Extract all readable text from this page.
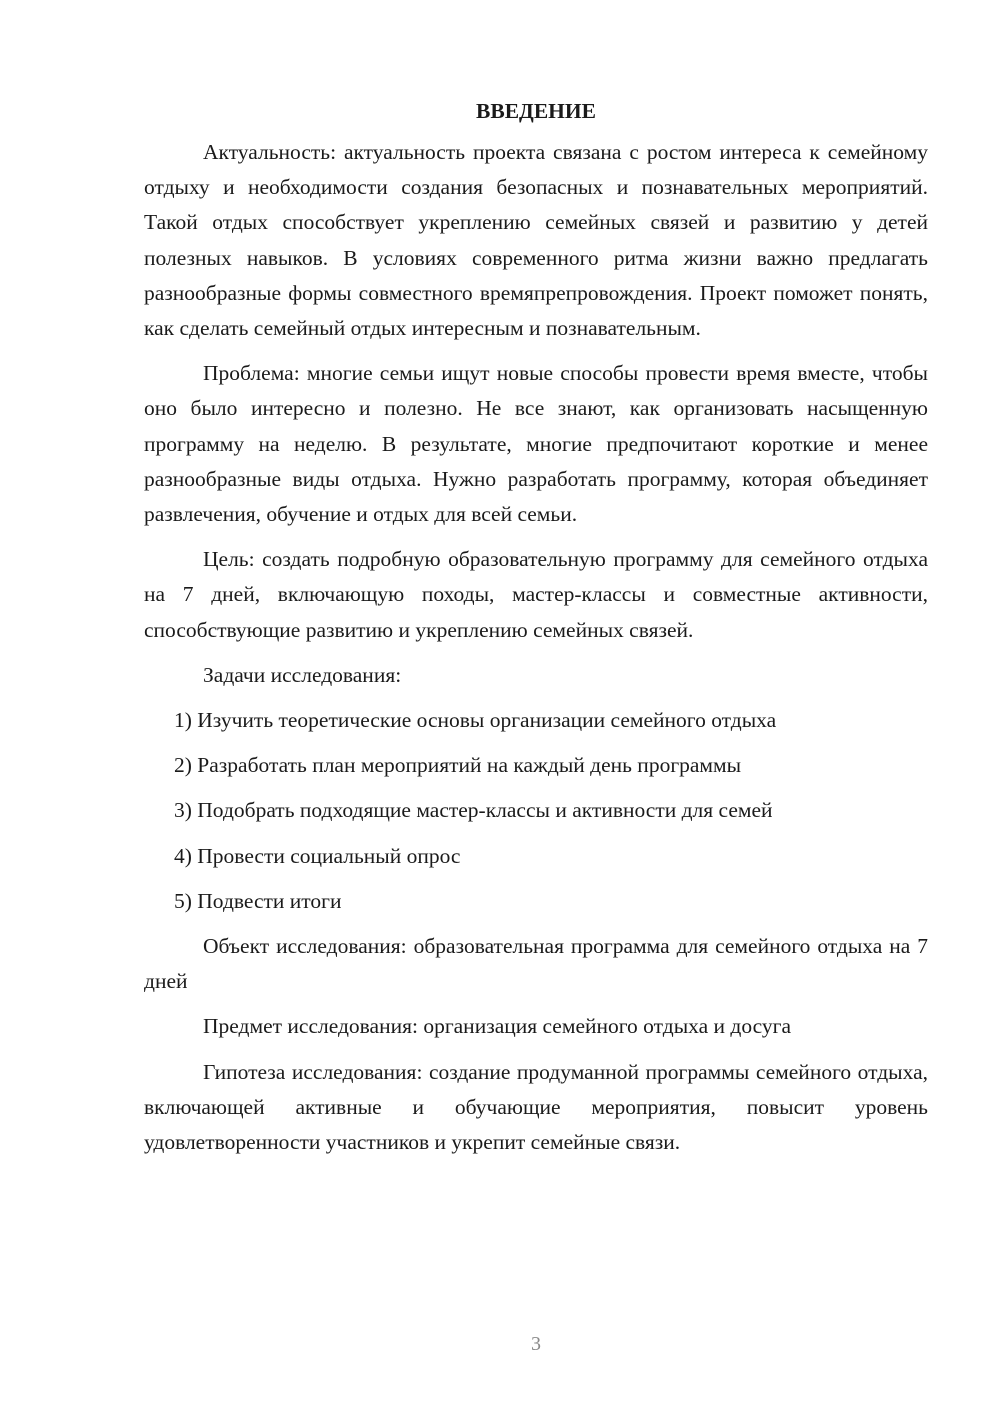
ВВЕДЕНИЕ

Актуальность: актуальность проекта связана с ростом интереса к семейному отдыху и необходимости создания безопасных и познавательных мероприятий. Такой отдых способствует укреплению семейных связей и развитию у детей полезных навыков. В условиях современного ритма жизни важно предлагать разнообразные формы совместного времяпрепровождения. Проект поможет понять, как сделать семейный отдых интересным и познавательным.

Проблема: многие семьи ищут новые способы провести время вместе, чтобы оно было интересно и полезно. Не все знают, как организовать насыщенную программу на неделю. В результате, многие предпочитают короткие и менее разнообразные виды отдыха. Нужно разработать программу, которая объединяет развлечения, обучение и отдых для всей семьи.

Цель: создать подробную образовательную программу для семейного отдыха на 7 дней, включающую походы, мастер-классы и совместные активности, способствующие развитию и укреплению семейных связей.

Задачи исследования:

1) Изучить теоретические основы организации семейного отдыха
2) Разработать план мероприятий на каждый день программы
3) Подобрать подходящие мастер-классы и активности для семей
4) Провести социальный опрос
5) Подвести итоги

Объект исследования: образовательная программа для семейного отдыха на 7 дней

Предмет исследования: организация семейного отдыха и досуга

Гипотеза исследования: создание продуманной программы семейного отдыха, включающей активные и обучающие мероприятия, повысит уровень удовлетворенности участников и укрепит семейные связи.

3
